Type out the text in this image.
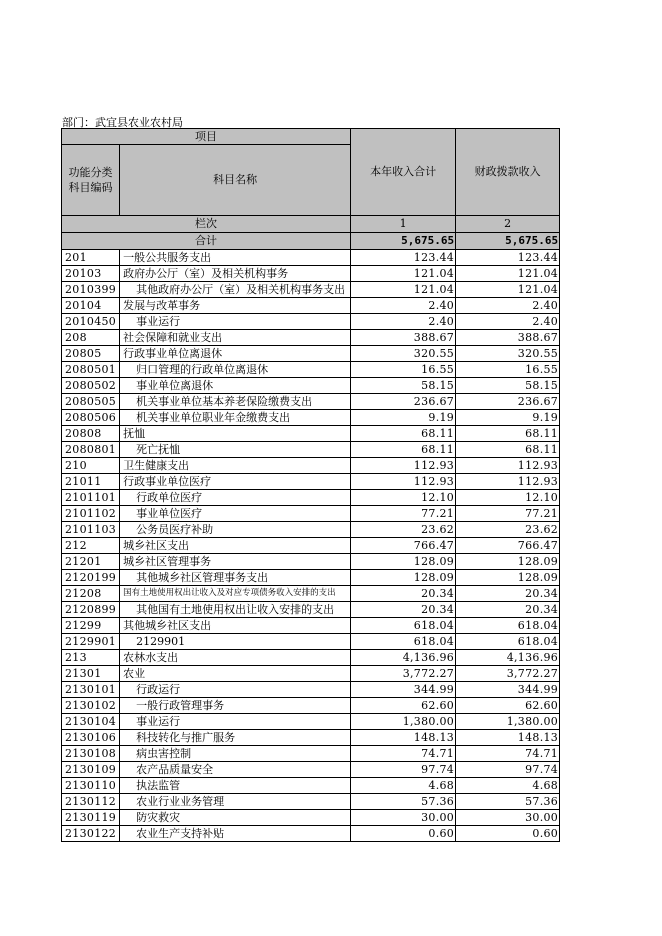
部门：武宜县农业农村局
项目		本年收入合计	财政拨款收入

功能分类
科目编码	科目名称		
栏次		1	2
合计		5,675.65	5,675.65
201	一般公共服务支出	123.44	123.44
20103	政府办公厅（室）及相关机构事务	121.04	121.04
2010399	其他政府办公厅（室）及相关机构事务支出	121.04	121.04
20104	发展与改革事务	2.40	2.40
2010450	事业运行	2.40	2.40
208	社会保障和就业支出	388.67	388.67
20805	行政事业单位离退休	320.55	320.55
2080501	归口管理的行政单位离退休	16.55	16.55
2080502	事业单位离退休	58.15	58.15
2080505	机关事业单位基本养老保险缴费支出	236.67	236.67
2080506	机关事业单位职业年金缴费支出	9.19	9.19
20808	抚恤	68.11	68.11
2080801	死亡抚恤	68.11	68.11
210	卫生健康支出	112.93	112.93
21011	行政事业单位医疗	112.93	112.93
2101101	行政单位医疗	12.10	12.10
2101102	事业单位医疗	77.21	77.21
2101103	公务员医疗补助	23.62	23.62
212	城乡社区支出	766.47	766.47
21201	城乡社区管理事务	128.09	128.09
2120199	其他城乡社区管理事务支出	128.09	128.09
21208	国有土地使用权出让收入及对应专项债务收入安排的支出	20.34	20.34
2120899	其他国有土地使用权出让收入安排的支出	20.34	20.34
21299	其他城乡社区支出	618.04	618.04
2129901	2129901	618.04	618.04
213	农林水支出	4,136.96	4,136.96
21301	农业	3,772.27	3,772.27
2130101	行政运行	344.99	344.99
2130102	一般行政管理事务	62.60	62.60
2130104	事业运行	1,380.00	1,380.00
2130106	科技转化与推广服务	148.13	148.13
2130108	病虫害控制	74.71	74.71
2130109	农产品质量安全	97.74	97.74
2130110	执法监管	4.68	4.68
2130112	农业行业业务管理	57.36	57.36
2130119	防灾救灾	30.00	30.00
2130122	农业生产支持补贴	0.60	0.60
